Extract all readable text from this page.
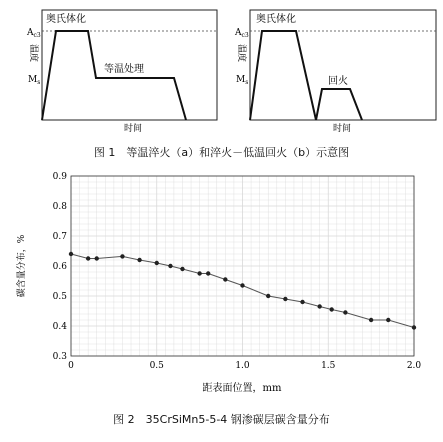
奥氏体化
等温处理
$A_{c3}$
$M_s$
温度
时间
奥氏体化
回火
$A_{c3}$
$M_s$
温度
时间
图 1　等温淬火（a）和淬火－低温回火（b）示意图
0.3
0.4
0.5
0.6
0.7
0.8
0.9
0	0.5	1.0	1.5	2.0
碳含量分布，%
距表面位置，mm
图 2　35CrSiMn5-5-4 钢渗碳层碳含量分布
